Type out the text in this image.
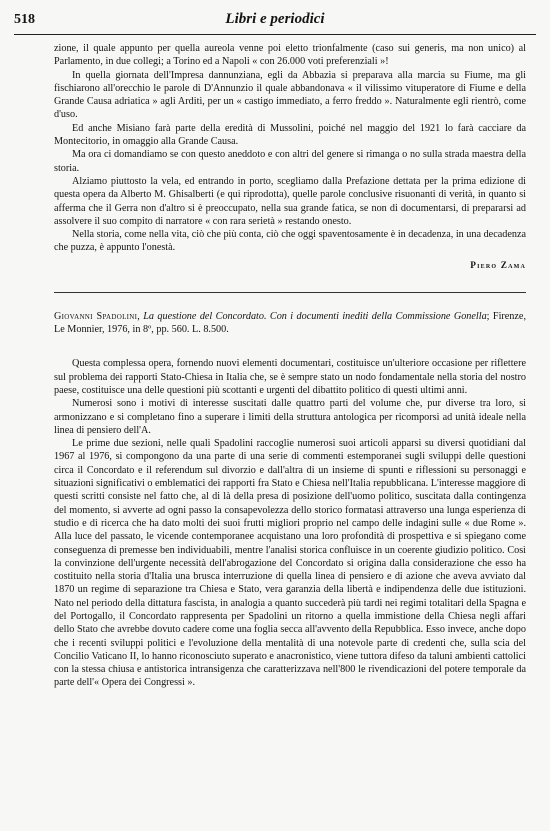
518	Libri e periodici

zione, il quale appunto per quella aureola venne poi eletto trionfalmente (caso sui generis, ma non unico) al Parlamento, in due collegi; a Torino ed a Napoli « con 26.000 voti preferenziali »!

In quella giornata dell'Impresa dannunziana, egli da Abbazia si preparava alla marcia su Fiume, ma gli fischiarono all'orecchio le parole di D'Annunzio il quale abbandonava « il vilissimo vituperatore di Fiume e della Grande Causa adriatica » agli Arditi, per un « castigo immediato, a ferro freddo ». Naturalmente egli rientrò, come d'uso.

Ed anche Misiano farà parte della eredità di Mussolini, poiché nel maggio del 1921 lo farà cacciare da Montecitorio, in omaggio alla Grande Causa.

Ma ora ci domandiamo se con questo aneddoto e con altri del genere si rimanga o no sulla strada maestra della storia.

Alziamo piuttosto la vela, ed entrando in porto, scegliamo dalla Prefazione dettata per la prima edizione di questa opera da Alberto M. Ghisalberti (e qui riprodotta), quelle parole conclusive risuonanti di verità, in quanto si afferma che il Gerra non d'altro si è preoccupato, nella sua grande fatica, se non di documentarsi, di prepararsi ad assolvere il suo compito di narratore « con rara serietà » restando onesto.

Nella storia, come nella vita, ciò che più conta, ciò che oggi spaventosamente è in decadenza, in una decadenza che puzza, è appunto l'onestà.

Piero Zama

Giovanni Spadolini, La questione del Concordato. Con i documenti inediti della Commissione Gonella; Firenze, Le Monnier, 1976, in 8º, pp. 560. L. 8.500.

Questa complessa opera, fornendo nuovi elementi documentari, costituisce un'ulteriore occasione per riflettere sul problema dei rapporti Stato-Chiesa in Italia che, se è sempre stato un nodo fondamentale nella storia del nostro paese, costituisce una delle questioni più scottanti e urgenti del dibattito politico di questi ultimi anni.

Numerosi sono i motivi di interesse suscitati dalle quattro parti del volume che, pur diverse tra loro, si armonizzano e si completano fino a superare i limiti della struttura antologica per ricomporsi ad unità ideale nella linea di pensiero dell'A.

Le prime due sezioni, nelle quali Spadolini raccoglie numerosi suoi articoli apparsi su diversi quotidiani dal 1967 al 1976, si compongono da una parte di una serie di commenti estemporanei sugli sviluppi delle questioni circa il Concordato e il referendum sul divorzio e dall'altra di un insieme di spunti e riflessioni su personaggi e situazioni significativi o emblematici dei rapporti fra Stato e Chiesa nell'Italia repubblicana. L'interesse maggiore di questi scritti consiste nel fatto che, al di là della presa di posizione dell'uomo politico, suscitata dalla contingenza del momento, si avverte ad ogni passo la consapevolezza dello storico formatasi attraverso una lunga esperienza di studio e di ricerca che ha dato molti dei suoi frutti migliori proprio nel campo delle indagini sulle « due Rome ». Alla luce del passato, le vicende contemporanee acquistano una loro profondità di prospettiva e si spiegano come conseguenza di premesse ben individuabili, mentre l'analisi storica confluisce in un coerente giudizio politico. Così la convinzione dell'urgente necessità dell'abrogazione del Concordato si origina dalla considerazione che esso ha costituito nella storia d'Italia una brusca interruzione di quella linea di pensiero e di azione che aveva avviato dal 1870 un regime di separazione tra Chiesa e Stato, vera garanzia della libertà e indipendenza delle due istituzioni. Nato nel periodo della dittatura fascista, in analogia a quanto succederà più tardi nei regimi totalitari della Spagna e del Portogallo, il Concordato rappresenta per Spadolini un ritorno a quella immistione della Chiesa negli affari dello Stato che avrebbe dovuto cadere come una foglia secca all'avvento della Repubblica. Esso invece, anche dopo che i recenti sviluppi politici e l'evoluzione della mentalità di una notevole parte di credenti che, sulla scia del Concilio Vaticano II, lo hanno riconosciuto superato e anacronistico, viene tuttora difeso da taluni ambienti cattolici con la stessa chiusa e antistorica intransigenza che caratterizzava nell'800 le rivendicazioni del potere temporale da parte dell'« Opera dei Congressi ».
